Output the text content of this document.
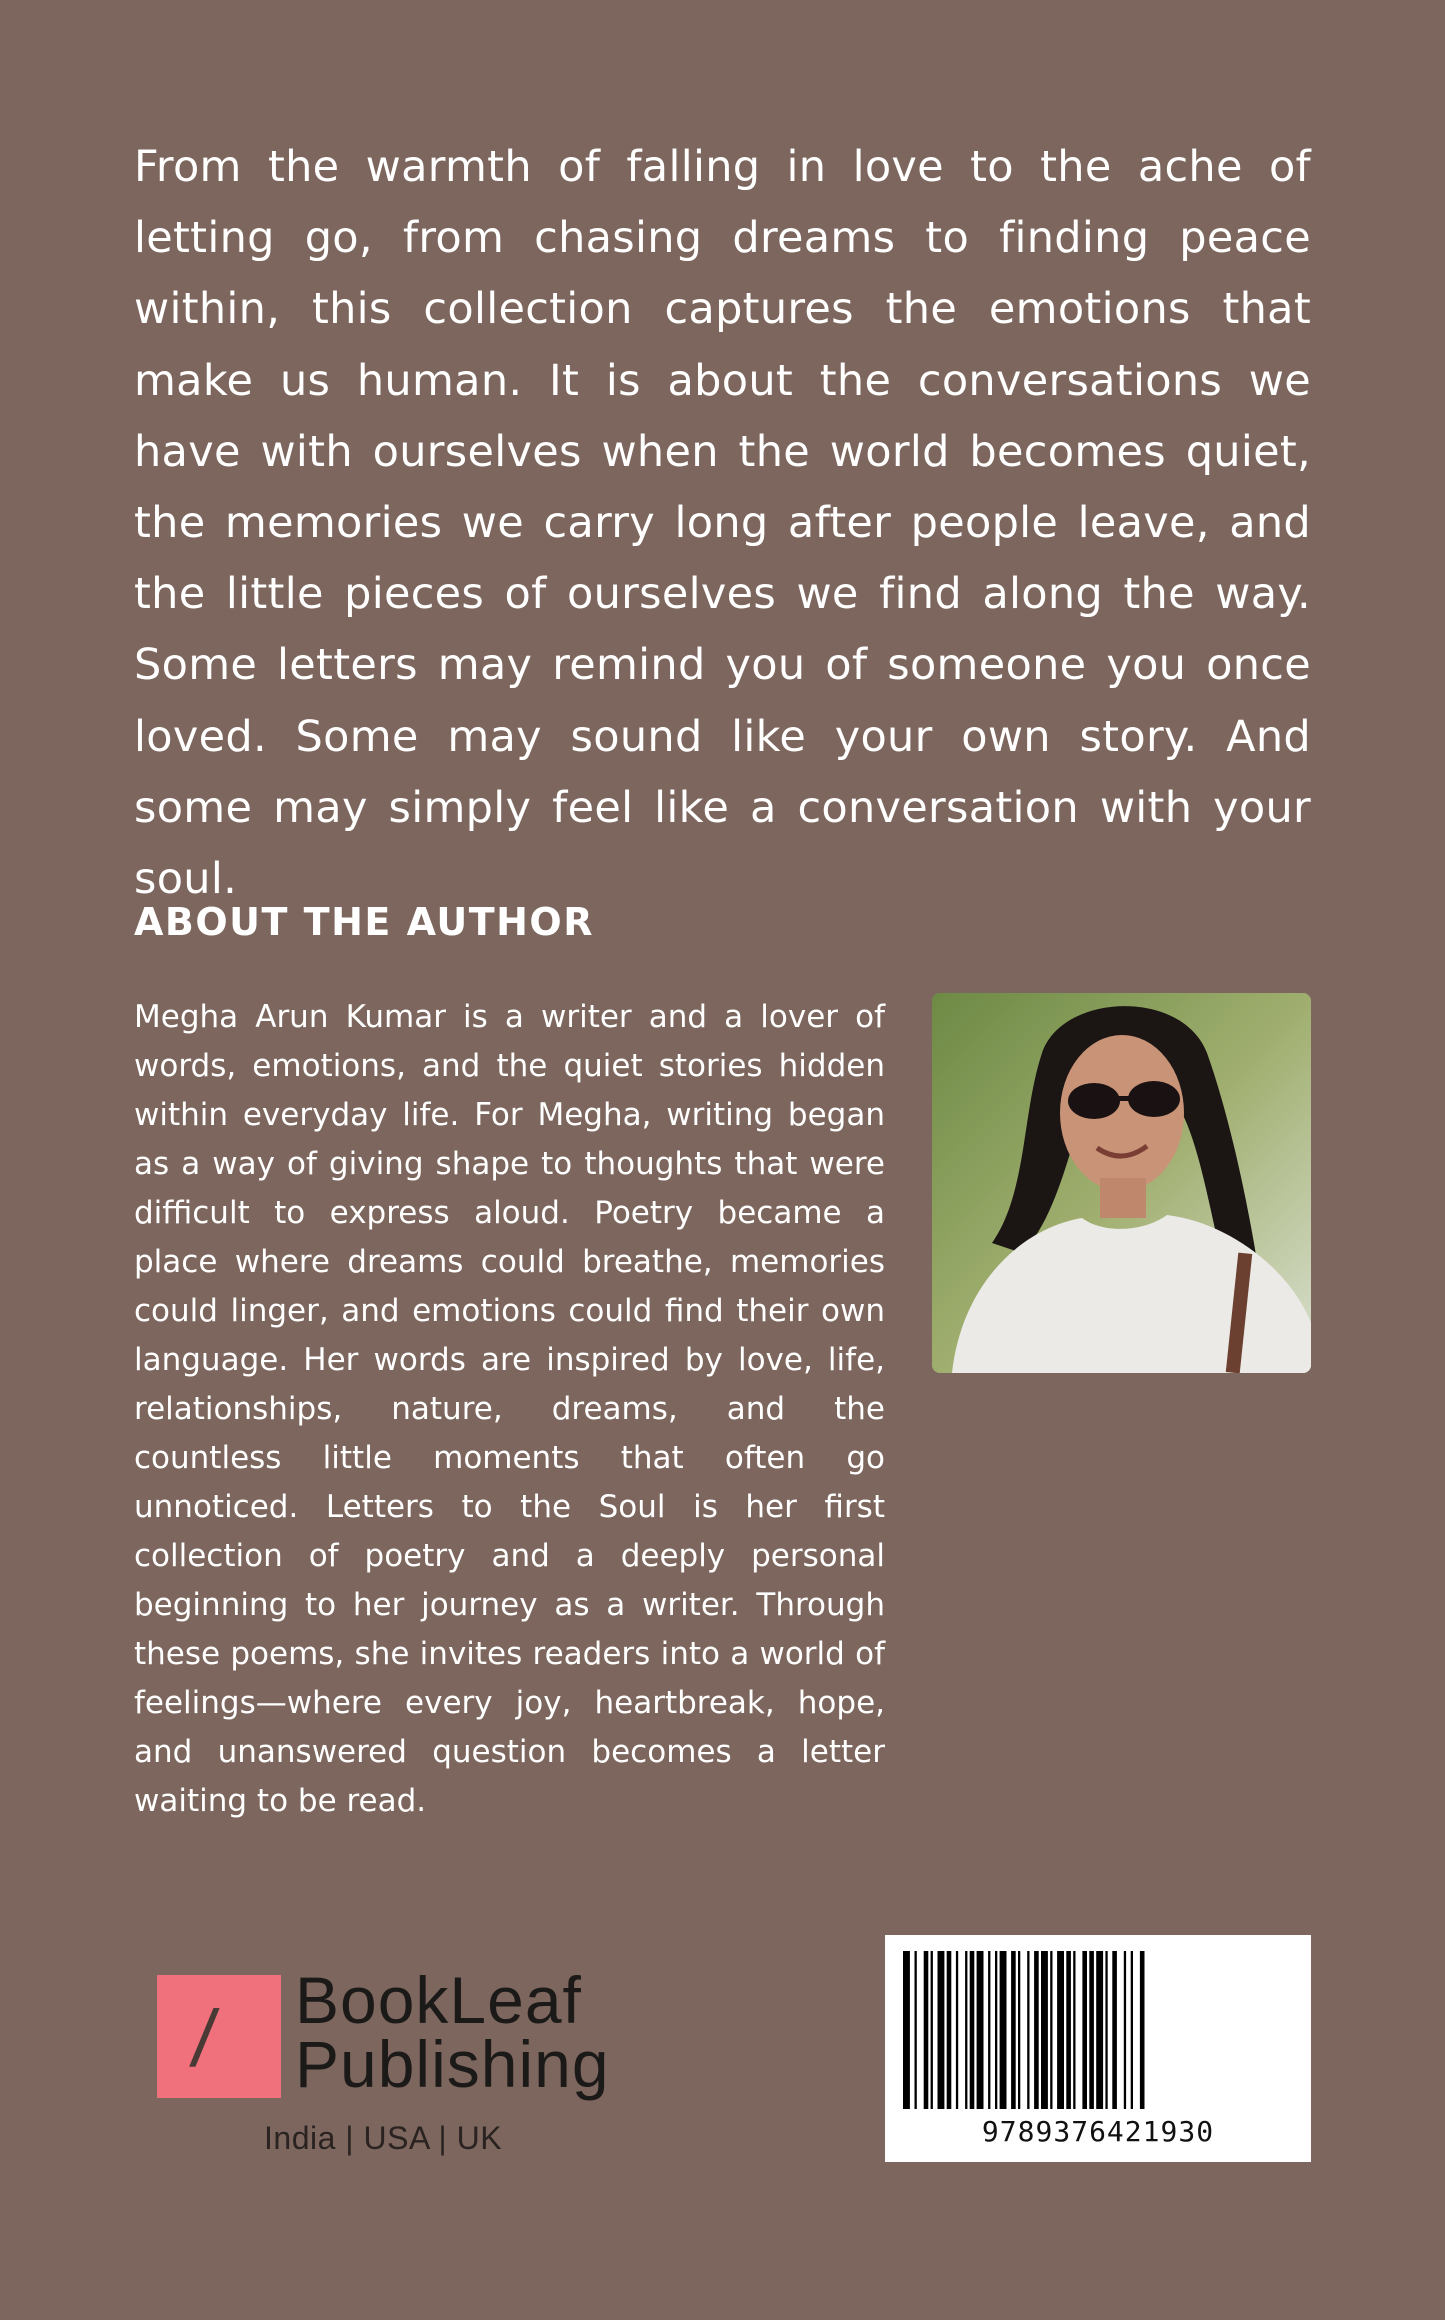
From the warmth of falling in love to the ache of letting go, from chasing dreams to finding peace within, this collection captures the emotions that make us human. It is about the conversations we have with ourselves when the world becomes quiet, the memories we carry long after people leave, and the little pieces of ourselves we find along the way. Some letters may remind you of someone you once loved. Some may sound like your own story. And some may simply feel like a conversation with your soul.

ABOUT THE AUTHOR

Megha Arun Kumar is a writer and a lover of words, emotions, and the quiet stories hidden within everyday life. For Megha, writing began as a way of giving shape to thoughts that were difficult to express aloud. Poetry became a place where dreams could breathe, memories could linger, and emotions could find their own language. Her words are inspired by love, life, relationships, nature, dreams, and the countless little moments that often go unnoticed. Letters to the Soul is her first collection of poetry and a deeply personal beginning to her journey as a writer. Through these poems, she invites readers into a world of feelings—where every joy, heartbreak, hope, and unanswered question becomes a letter waiting to be read.

/ BookLeaf
Publishing
India | USA | UK	9789376421930
